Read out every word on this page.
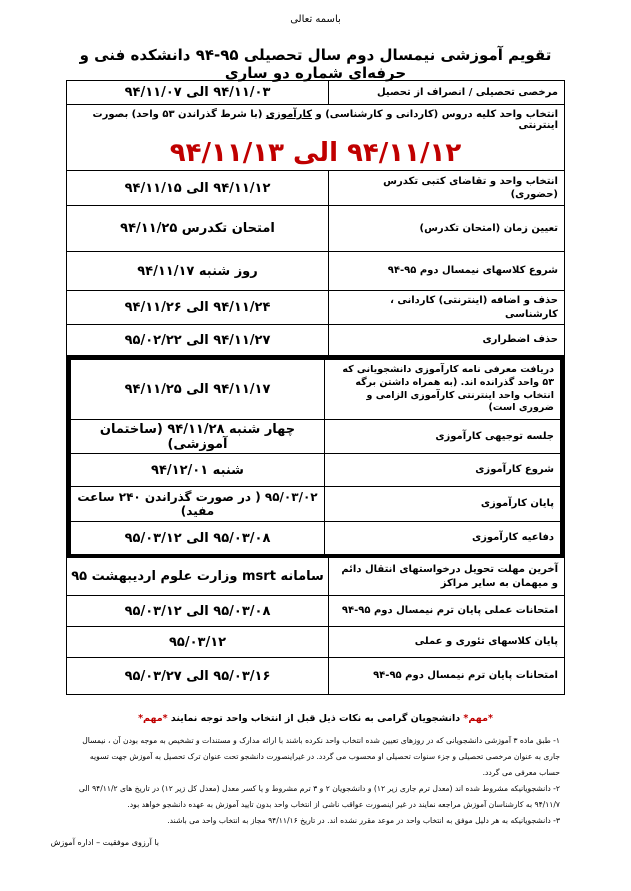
باسمه تعالی
تقویم آموزشی نیمسال دوم سال تحصیلی ۹۵-۹۴ دانشکده فنی و حرفه‌ای شماره دو ساری
مرخصی تحصیلی / انصراف از تحصیل
۹۴/۱۱/۰۳ الی ۹۴/۱۱/۰۷
انتخاب واحد کلیه دروس (کاردانی و کارشناسی) و کارآموزی (با شرط گذراندن ۵۳ واحد) بصورت اینترنتی
۹۴/۱۱/۱۲ الی ۹۴/۱۱/۱۳
انتخاب واحد و تقاضای کتبی تکدرس (حضوری)
۹۴/۱۱/۱۲ الی ۹۴/۱۱/۱۵
تعیین زمان (امتحان تکدرس)
امتحان تکدرس ۹۴/۱۱/۲۵
شروع کلاسهای نیمسال دوم ۹۵-۹۴
روز شنبه ۹۴/۱۱/۱۷
حذف و اضافه (اینترنتی) کاردانی ، کارشناسی
۹۴/۱۱/۲۴ الی ۹۴/۱۱/۲۶
حذف اضطراری
۹۴/۱۱/۲۷ الی ۹۵/۰۲/۲۲
دریافت معرفی نامه کارآموزی دانشجویانی که ۵۳ واحد گذرانده اند. (به همراه داشتن برگه انتخاب واحد اینترنتی کارآموزی الزامی و ضروری است)
۹۴/۱۱/۱۷ الی ۹۴/۱۱/۲۵
جلسه توجیهی کارآموزی
چهار شنبه ۹۴/۱۱/۲۸ (ساختمان آموزشی)
شروع کارآموزی
شنبه ۹۴/۱۲/۰۱
پایان کارآموزی
۹۵/۰۳/۰۲ ( در صورت گذراندن ۲۴۰ ساعت مفید)
دفاعیه کارآموزی
۹۵/۰۳/۰۸ الی ۹۵/۰۳/۱۲
آخرین مهلت تحویل درخواستهای انتقال دائم و میهمان به سایر مراکز
سامانه msrt وزارت علوم اردیبهشت ۹۵
امتحانات عملی پایان ترم نیمسال دوم ۹۵-۹۴
۹۵/۰۳/۰۸ الی ۹۵/۰۳/۱۲
پایان کلاسهای تئوری و عملی
۹۵/۰۳/۱۲
امتحانات پایان ترم نیمسال دوم ۹۵-۹۴
۹۵/۰۳/۱۶ الی ۹۵/۰۳/۲۷
*مهم* دانشجویان گرامی به نکات ذیل قبل از انتخاب واحد توجه نمایند *مهم*

۱- طبق ماده ۳ آموزشی دانشجویانی که در روزهای تعیین شده انتخاب واحد نکرده باشند با ارائه مدارک و مستندات و تشخیص به موجه بودن آن ، نیمسال جاری به عنوان مرخصی تحصیلی و جزء سنوات تحصیلی او محسوب می گردد. در غیراینصورت دانشجو تحت عنوان ترک تحصیل به آموزش جهت تسویه حساب معرفی می گردد.

۲- دانشجویانیکه مشروط شده اند (معدل ترم جاری زیر ۱۲) و دانشجویان ۲ و ۳ ترم مشروط و یا کسر معدل (معدل کل زیر ۱۲) در تاریخ های ۹۴/۱۱/۲ الی ۹۴/۱۱/۷ به کارشناسان آموزش مراجعه نمایند در غیر اینصورت عواقب ناشی از انتخاب واحد بدون تایید آموزش به عهده دانشجو خواهد بود.

۳- دانشجویانیکه به هر دلیل موفق به انتخاب واحد در موعد مقرر نشده اند. در تاریخ ۹۴/۱۱/۱۶ مجاز به انتخاب واحد می باشند.

با آرزوی موفقیت – اداره آموزش
